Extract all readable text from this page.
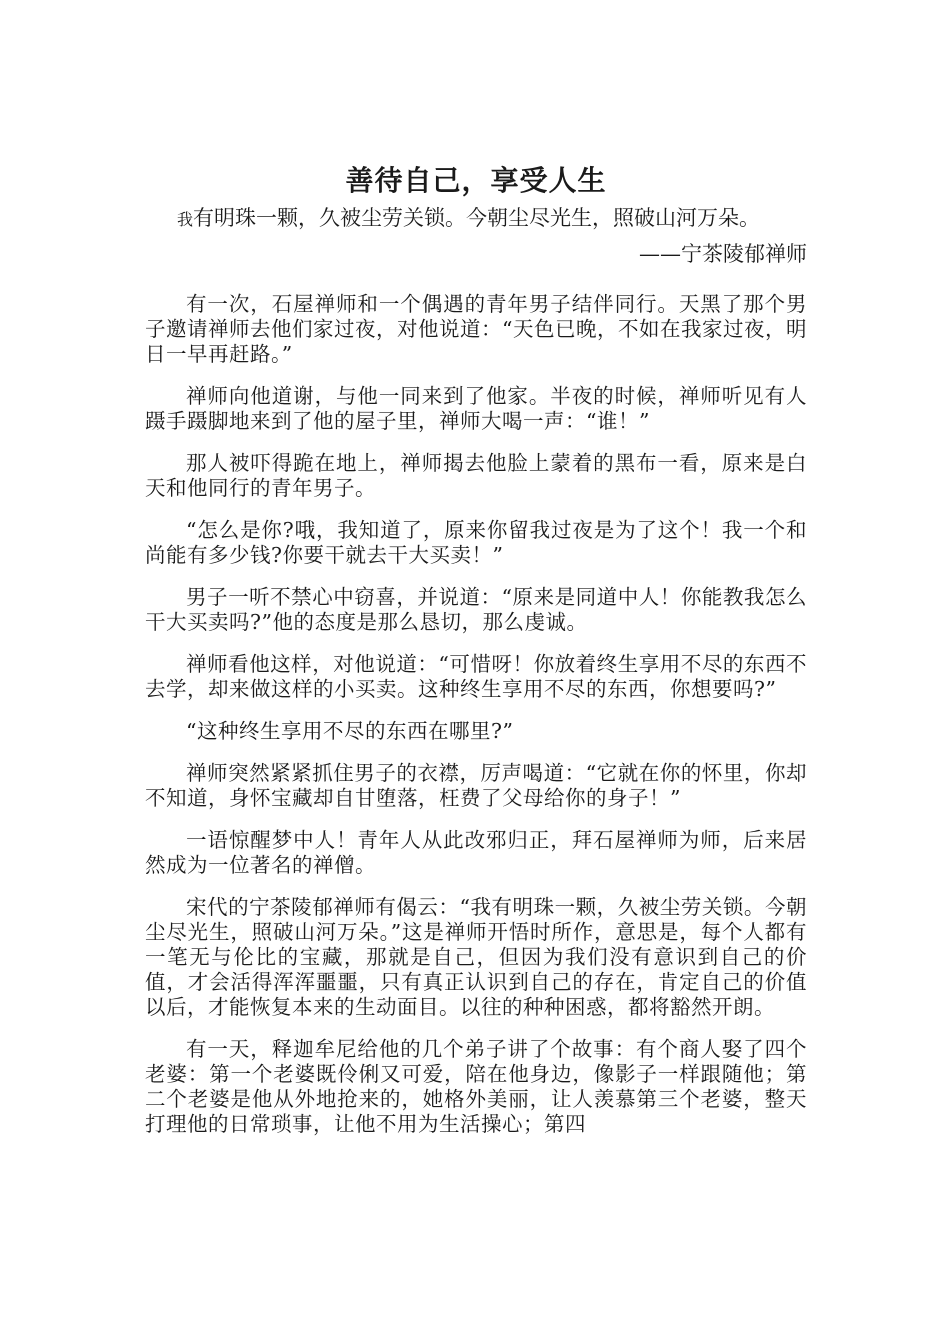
善待自己，享受人生

我有明珠一颗，久被尘劳关锁。今朝尘尽光生，照破山河万朵。

——宁茶陵郁禅师

有一次，石屋禅师和一个偶遇的青年男子结伴同行。天黑了那个男子邀请禅师去他们家过夜，对他说道：“天色已晚，不如在我家过夜，明日一早再赶路。”

禅师向他道谢，与他一同来到了他家。半夜的时候，禅师听见有人蹑手蹑脚地来到了他的屋子里，禅师大喝一声：“谁！”

那人被吓得跪在地上，禅师揭去他脸上蒙着的黑布一看，原来是白天和他同行的青年男子。

“怎么是你?哦，我知道了，原来你留我过夜是为了这个！我一个和尚能有多少钱?你要干就去干大买卖！”

男子一听不禁心中窃喜，并说道：“原来是同道中人！你能教我怎么干大买卖吗?”他的态度是那么恳切，那么虔诚。

禅师看他这样，对他说道：“可惜呀！你放着终生享用不尽的东西不去学，却来做这样的小买卖。这种终生享用不尽的东西，你想要吗?”

“这种终生享用不尽的东西在哪里?”

禅师突然紧紧抓住男子的衣襟，厉声喝道：“它就在你的怀里，你却不知道，身怀宝藏却自甘堕落，枉费了父母给你的身子！”

一语惊醒梦中人！青年人从此改邪归正，拜石屋禅师为师，后来居然成为一位著名的禅僧。

宋代的宁茶陵郁禅师有偈云：“我有明珠一颗，久被尘劳关锁。今朝尘尽光生，照破山河万朵。”这是禅师开悟时所作，意思是，每个人都有一笔无与伦比的宝藏，那就是自己，但因为我们没有意识到自己的价值，才会活得浑浑噩噩，只有真正认识到自己的存在，肯定自己的价值以后，才能恢复本来的生动面目。以往的种种困惑，都将豁然开朗。

有一天，释迦牟尼给他的几个弟子讲了个故事：有个商人娶了四个老婆：第一个老婆既伶俐又可爱，陪在他身边，像影子一样跟随他；第二个老婆是他从外地抢来的，她格外美丽，让人羡慕第三个老婆，整天打理他的日常琐事，让他不用为生活操心；第四
